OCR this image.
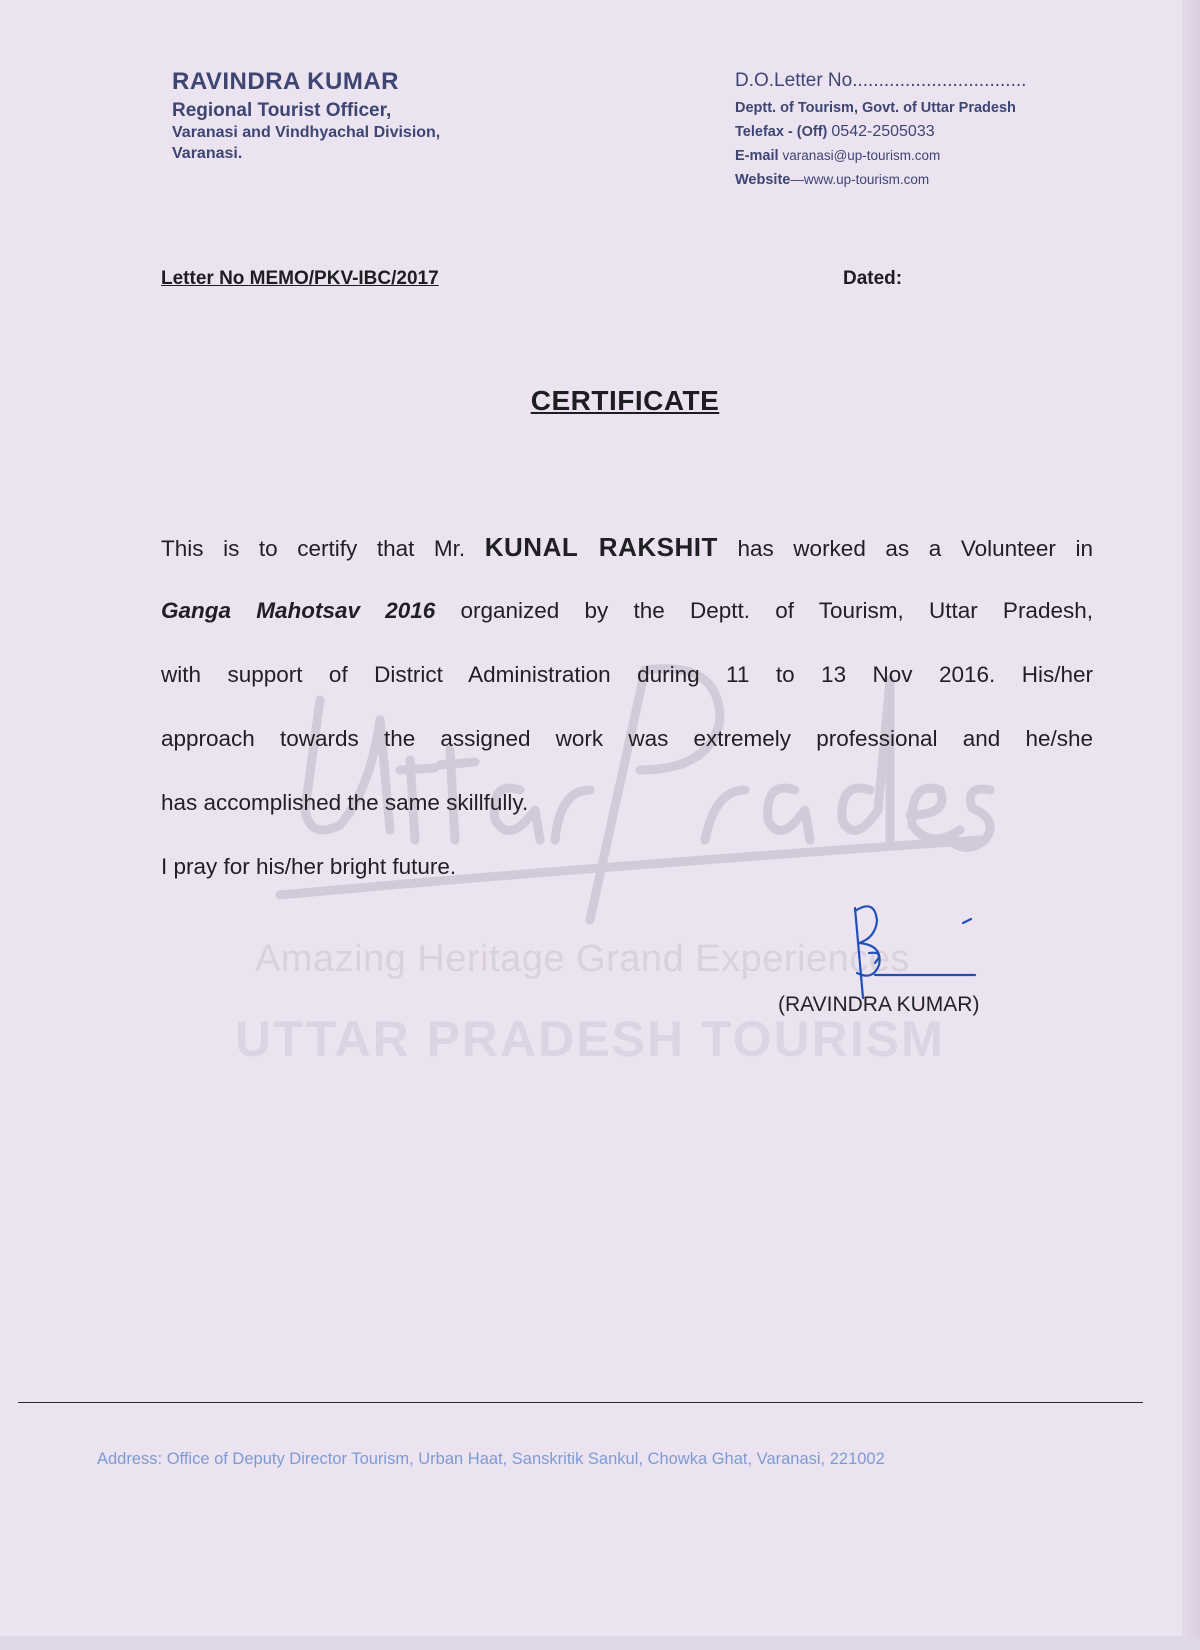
Amazing Heritage Grand Experiences
UTTAR PRADESH TOURISM
RAVINDRA KUMAR
Regional Tourist Officer,
Varanasi and Vindhyachal Division,
Varanasi.
D.O.Letter No.................................
Deptt. of Tourism, Govt. of Uttar Pradesh
Telefax - (Off) 0542-2505033
E-mail varanasi@up-tourism.com
Website—www.up-tourism.com
Letter No MEMO/PKV-IBC/2017	Dated:
CERTIFICATE
This is to certify that Mr. KUNAL RAKSHIT has worked as a Volunteer in
Ganga Mahotsav 2016 organized by the Deptt. of Tourism, Uttar Pradesh,
with support of District Administration during 11 to 13 Nov 2016. His/her
approach towards the assigned work was extremely professional and he/she
has accomplished the same skillfully.
I pray for his/her bright future.
(RAVINDRA KUMAR)
Address: Office of Deputy Director Tourism, Urban Haat, Sanskritik Sankul, Chowka Ghat, Varanasi, 221002
